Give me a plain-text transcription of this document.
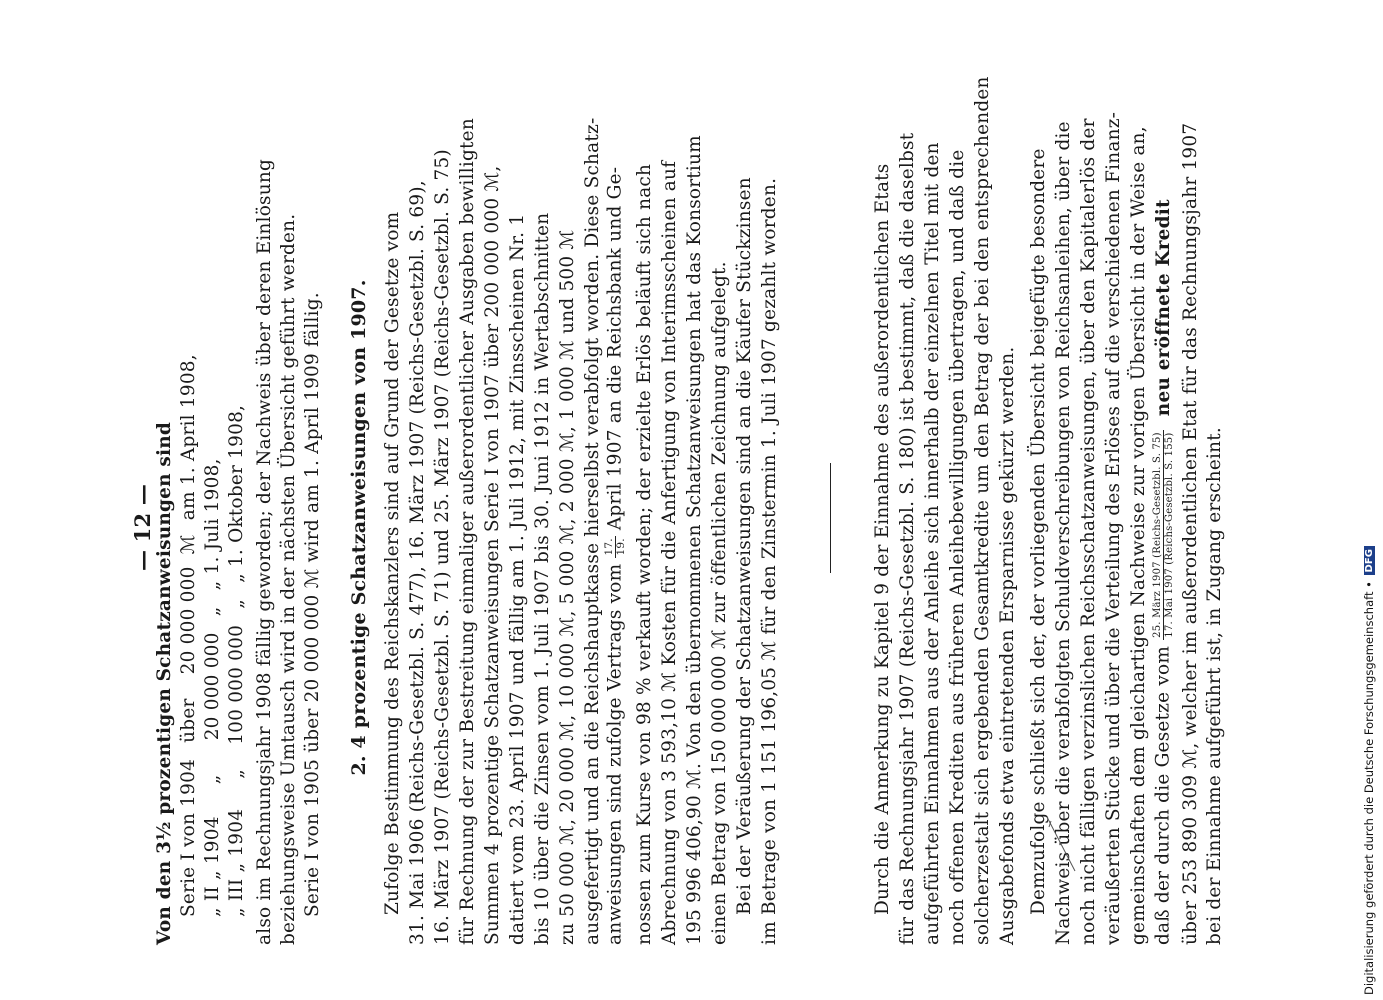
— 12 — Von den 3½ prozentigen Schatzanweisungen sind Serie I von 1904 über 20 000 000 ℳ am 1. April 1908,
„ II „ 1904 „ 20 000 000 „ „ 1. Juli 1908,
„ III „ 1904 „ 100 000 000 „ „ 1. Oktober 1908, also im Rechnungsjahr 1908 fällig geworden; der Nachweis über deren Einlösung beziehungsweise Umtausch wird in der nächsten Übersicht geführt werden. Serie I von 1905 über 20 000 000 ℳ wird am 1. April 1909 fällig. 2. 4 prozentige Schatzanweisungen von 1907. Zufolge Bestimmung des Reichskanzlers sind auf Grund der Gesetze vom 31. Mai 1906 (Reichs-Gesetzbl. S. 477), 16. März 1907 (Reichs-Gesetzbl. S. 69), 16. März 1907 (Reichs-Gesetzbl. S. 71) und 25. März 1907 (Reichs-Gesetzbl. S. 75) für Rechnung der zur Bestreitung einmaliger außerordentlicher Ausgaben bewilligten Summen 4 prozentige Schatzanweisungen Serie I von 1907 über 200 000 000 ℳ, datiert vom 23. April 1907 und fällig am 1. Juli 1912, mit Zinsscheinen Nr. 1 bis 10 über die Zinsen vom 1. Juli 1907 bis 30. Juni 1912 in Wertabschnitten zu 50 000 ℳ, 20 000 ℳ, 10 000 ℳ, 5 000 ℳ, 2 000 ℳ, 1 000 ℳ und 500 ℳ ausgefertigt und an die Reichshauptkasse hierselbst verabfolgt worden. Diese Schatz- anweisungen sind zufolge Vertrags vom
17. 19.
April 1907 an die Reichsbank und Ge- nossen zum Kurse von 98 % verkauft worden; der erzielte Erlös beläuft sich nach Abrechnung von 3 593,10 ℳ Kosten für die Anfertigung von Interimsscheinen auf 195 996 406,90 ℳ. Von den übernommenen Schatzanweisungen hat das Konsortium einen Betrag von 150 000 000 ℳ zur öffentlichen Zeichnung aufgelegt. Bei der Veräußerung der Schatzanweisungen sind an die Käufer Stückzinsen im Betrage von 1 151 196,05 ℳ für den Zinstermin 1. Juli 1907 gezahlt worden.	Durch die Anmerkung zu Kapitel 9 der Einnahme des außerordentlichen Etats für das Rechnungsjahr 1907 (Reichs-Gesetzbl. S. 180) ist bestimmt, daß die daselbst aufgeführten Einnahmen aus der Anleihe sich innerhalb der einzelnen Titel mit den noch offenen Krediten aus früheren Anleihebewilligungen übertragen, und daß die solcherzestalt sich ergebenden Gesamtkredite um den Betrag der bei den entsprechenden Ausgabefonds etwa eintretenden Ersparnisse gekürzt werden. Demzufolge schließt sich der, der vorliegenden Übersicht beigefügte besondere Nachweis über die verabfolgten Schuldverschreibungen von Reichsanleihen, über die noch nicht fälligen verzinslichen Reichsschatzanweisungen, über den Kapitalerlös der veräußerten Stücke und über die Verteilung des Erlöses auf die verschiedenen Finanz- gemeinschaften dem gleichartigen Nachweise zur vorigen Übersicht in der Weise an, daß der durch die Gesetze vom
25. März 1907 (Reichs-Gesetzbl. S. 75) 17. Mai 1907 (Reichs-Gesetzbl. S. 155)
neu eröffnete Kredit über 253 890 309 ℳ, welcher im außerordentlichen Etat für das Rechnungsjahr 1907 bei der Einnahme aufgeführt ist, in Zugang erscheint.	Digitalisierung gefördert durch die Deutsche Forschungsgemeinschaft • DFG
